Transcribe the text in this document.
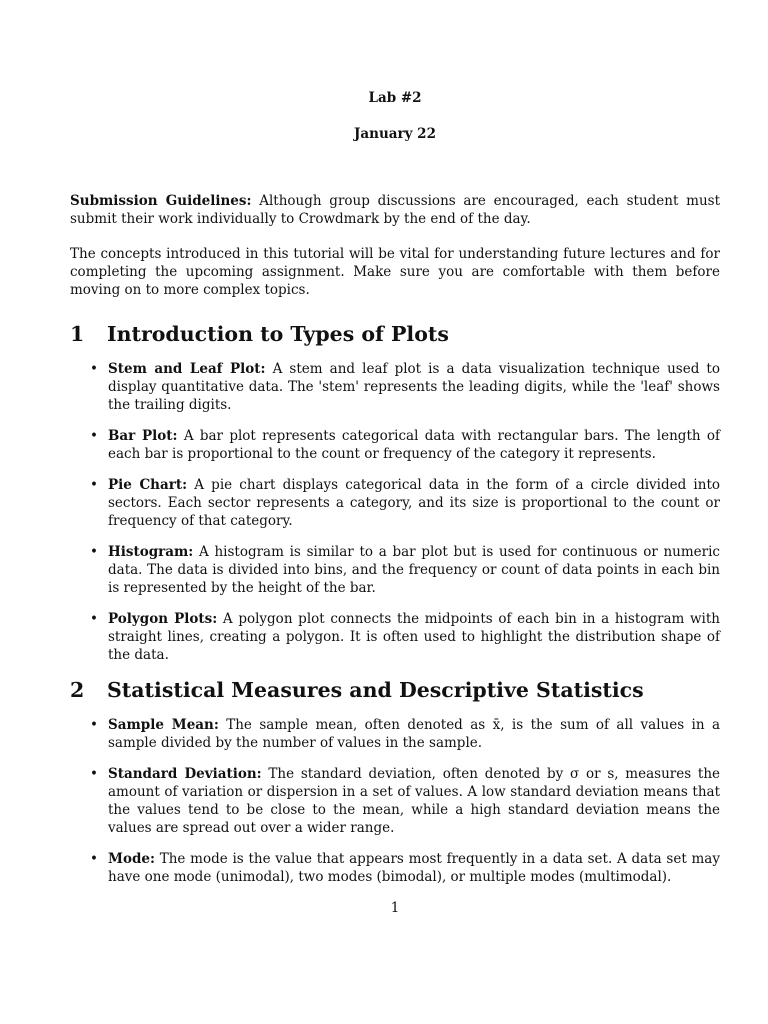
Lab #2
January 22

Submission Guidelines: Although group discussions are encouraged, each student must submit their work individually to Crowdmark by the end of the day.

The concepts introduced in this tutorial will be vital for understanding future lectures and for completing the upcoming assignment. Make sure you are comfortable with them before moving on to more complex topics.

1 Introduction to Types of Plots
• Stem and Leaf Plot: A stem and leaf plot is a data visualization technique used to display quantitative data. The 'stem' represents the leading digits, while the 'leaf' shows the trailing digits.
• Bar Plot: A bar plot represents categorical data with rectangular bars. The length of each bar is proportional to the count or frequency of the category it represents.
• Pie Chart: A pie chart displays categorical data in the form of a circle divided into sectors. Each sector represents a category, and its size is proportional to the count or frequency of that category.
• Histogram: A histogram is similar to a bar plot but is used for continuous or numeric data. The data is divided into bins, and the frequency or count of data points in each bin is represented by the height of the bar.
• Polygon Plots: A polygon plot connects the midpoints of each bin in a histogram with straight lines, creating a polygon. It is often used to highlight the distribution shape of the data.
2 Statistical Measures and Descriptive Statistics
• Sample Mean: The sample mean, often denoted as x̄, is the sum of all values in a sample divided by the number of values in the sample.
• Standard Deviation: The standard deviation, often denoted by σ or s, measures the amount of variation or dispersion in a set of values. A low standard deviation means that the values tend to be close to the mean, while a high standard deviation means the values are spread out over a wider range.
• Mode: The mode is the value that appears most frequently in a data set. A data set may have one mode (unimodal), two modes (bimodal), or multiple modes (multimodal).
1
